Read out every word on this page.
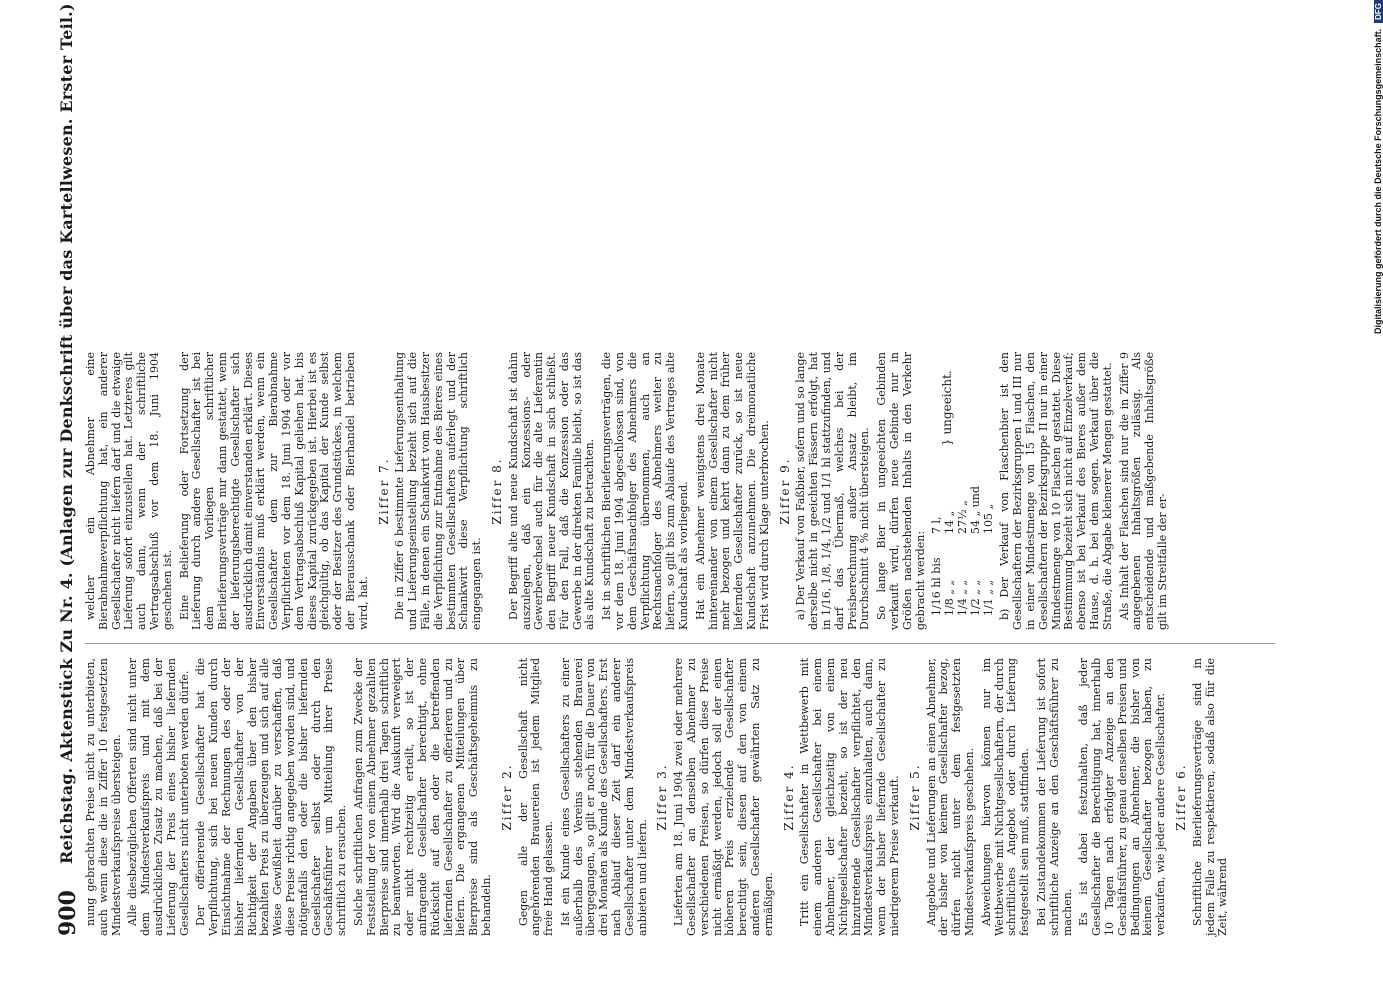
900
Reichstag. Aktenstück Zu Nr. 4. (Anlagen zur Denkschrift über das Kartellwesen. Erster Teil.) nung gebrachten Preise nicht zu unterbieten, auch wenn diese die in Ziffer 10 festgesetzten Mindestverkaufspreise übersteigen. Alle diesbezüglichen Offerten sind nicht unter dem Mindestverkaufspreis und mit dem ausdrücklichen Zusatz zu machen, daß bei der Lieferung der Preis eines bisher liefernden Gesellschafters nicht unterboten werden dürfe. Der offerierende Gesellschafter hat die Verpflichtung, sich bei neuen Kunden durch Einsichtnahme der Rechnungen des oder der bisher liefernden Gesellschafter von der Richtigkeit der Angaben über den bisher bezahlten Preis zu überzeugen und sich auf alle Weise Gewißheit darüber zu verschaffen, daß diese Preise richtig angegeben worden sind, und nötigenfalls den oder die bisher liefernden Gesellschafter selbst oder durch den Geschäftsführer um Mitteilung ihrer Preise schriftlich zu ersuchen. Solche schriftlichen Anfragen zum Zwecke der Feststellung der von einem Abnehmer gezahlten Bierpreise sind innerhalb drei Tagen schriftlich zu beantworten. Wird die Auskunft verweigert oder nicht rechtzeitig erteilt, so ist der anfragende Gesellschafter berechtigt, ohne Rücksicht auf den oder die betreffenden liefernden Gesellschafter zu offerieren und zu liefern. Die ergangenen Mitteilungen über Bierpreise sind als Geschäftsgeheimnis zu behandeln.
Ziffer 2. Gegen alle der Gesellschaft nicht angehörenden Brauereien ist jedem Mitglied freie Hand gelassen. Ist ein Kunde eines Gesellschafters zu einer außerhalb des Vereins stehenden Brauerei übergegangen, so gilt er noch für die Dauer von drei Monaten als Kunde des Gesellschafters. Erst nach Ablauf dieser Zeit darf ein anderer Gesellschafter unter dem Mindestverkaufspreis anbieten und liefern.
Ziffer 3. Lieferten am 18. Juni 1904 zwei oder mehrere Gesellschafter an denselben Abnehmer zu verschiedenen Preisen, so dürfen diese Preise nicht ermäßigt werden, jedoch soll der einen höheren Preis erzielende Gesellschafter berechtigt sein, diesen auf den von einem anderen Gesellschafter gewährten Satz zu ermäßigen.
Ziffer 4. Tritt ein Gesellschafter in Wettbewerb mit einem anderen Gesellschafter bei einem Abnehmer, der gleichzeitig von einem Nichtgesellschafter bezieht, so ist der neu hinzutretende Gesellschafter verpflichtet, den Mindestverkaufspreis einzuhalten, auch dann, wenn der bisher liefernde Gesellschafter zu niedrigerem Preise verkauft. Ziffer 5. Angebote und Lieferungen an einen Abnehmer, der bisher von keinem Gesellschafter bezog, dürfen nicht unter dem festgesetzten Mindestverkaufspreis geschehen. Abweichungen hiervon können nur im Wettbewerbe mit Nichtgesellschaftern, der durch schriftliches Angebot oder durch Lieferung festgestellt sein muß, stattfinden. Bei Zustandekommen der Lieferung ist sofort schriftliche Anzeige an den Geschäftsführer zu machen. Es ist dabei festzuhalten, daß jeder Gesellschafter die Berechtigung hat, innerhalb 10 Tagen nach erfolgter Anzeige an den Geschäftsführer, zu genau denselben Preisen und Bedingungen an Abnehmer, die bisher von keinem Gesellschafter bezogen haben, zu verkaufen, wie jeder andere Gesellschafter. Ziffer 6. Schriftliche Bierlieferungsverträge sind in jedem Falle zu respektieren, sodaß also für die Zeit, während
welcher ein Abnehmer eine Bierabnahmeverpflichtung hat, ein anderer Gesellschafter nicht liefern darf und die etwaige Lieferung sofort einzustellen hat. Letzteres gilt auch dann, wenn der schriftliche Vertragsabschluß vor dem 18. Juni 1904 geschehen ist. Eine Belieferung oder Fortsetzung der Lieferung durch andere Gesellschafter ist bei dem Vorliegen schriftlicher Bierlieferungsverträge nur dann gestattet, wenn der lieferungsberechtigte Gesellschafter sich ausdrücklich damit einverstanden erklärt. Dieses Einverständnis muß erklärt werden, wenn ein Gesellschafter dem zur Bierabnahme Verpflichteten vor dem 18. Juni 1904 oder vor dem Vertragsabschluß Kapital geliehen hat, bis dieses Kapital zurückgegeben ist. Hierbei ist es gleichgültig, ob das Kapital der Kunde selbst oder der Besitzer des Grundstückes, in welchem der Bierausschank oder Bierhandel betrieben wird, hat.
Ziffer 7. Die in Ziffer 6 bestimmte Lieferungsenthaltung und Lieferungseinstellung bezieht sich auf die Fälle, in denen ein Schankwirt vom Hausbesitzer die Verpflichtung zur Entnahme des Bieres eines bestimmten Gesellschafters auferlegt und der Schankwirt diese Verpflichtung schriftlich eingegangen ist.
Ziffer 8. Der Begriff alte und neue Kundschaft ist dahin auszulegen, daß ein Konzessions- oder Gewerbewechsel auch für die alte Lieferantin den Begriff neuer Kundschaft in sich schließt. Für den Fall, daß die Konzession oder das Gewerbe in der direkten Familie bleibt, so ist das als alte Kundschaft zu betrachten. Ist in schriftlichen Bierlieferungsverträgen, die vor dem 18. Juni 1904 abgeschlossen sind, von dem Geschäftsnachfolger des Abnehmers die Verpflichtung übernommen, auch an Rechtsnachfolger des Abnehmers weiter zu liefern, so gilt bis zum Ablaufe des Vertrages alte Kundschaft als vorliegend. Hat ein Abnehmer wenigstens drei Monate hintereinander von einem Gesellschafter nicht mehr bezogen und kehrt dann zu dem früher liefernden Gesellschafter zurück, so ist neue Kundschaft anzunehmen. Die dreimonatliche Frist wird durch Klage unterbrochen. Ziffer 9. a) Der Verkauf von Faßbier, sofern und so lange derselbe nicht in geeichten Fässern erfolgt, hat in 1/16, 1/8, 1/4, 1/2 und 1/1 hl stattzufinden, und darf das Übermaß, welches bei der Preisberechnung außer Ansatz bleibt, im Durchschnitt 4 % nicht übersteigen. So lange Bier in ungeeichten Gebinden verkauft wird, dürfen neue Gebinde nur in Größen nachstehenden Inhalts in den Verkehr gebracht werden: 1/16 hl bis
7 l,
1/8 „ „
14 „
1/4 „ „
27½ „
1/2 „ „
54 „ und
1/1 „ „
105 „
} ungeeicht.	b) Der Verkauf von Flaschenbier ist den Gesellschaftern der Bezirksgruppen I und III nur in einer Mindestmenge von 15 Flaschen, den Gesellschaftern der Bezirksgruppe II nur in einer Mindestmenge von 10 Flaschen gestattet. Diese Bestimmung bezieht sich nicht auf Einzelverkauf; ebenso ist bei Verkauf des Bieres außer dem Hause, d. h. bei dem sogen. Verkauf über die Straße, die Abgabe kleinerer Mengen gestattet. Als Inhalt der Flaschen sind nur die in Ziffer 9 angegebenen Inhaltsgrößen zulässig. Als entscheidende und maßgebende Inhaltsgröße gilt im Streitfalle der er-
Digitalisierung gefördert durch die Deutsche Forschungsgemeinschaft.DFG
